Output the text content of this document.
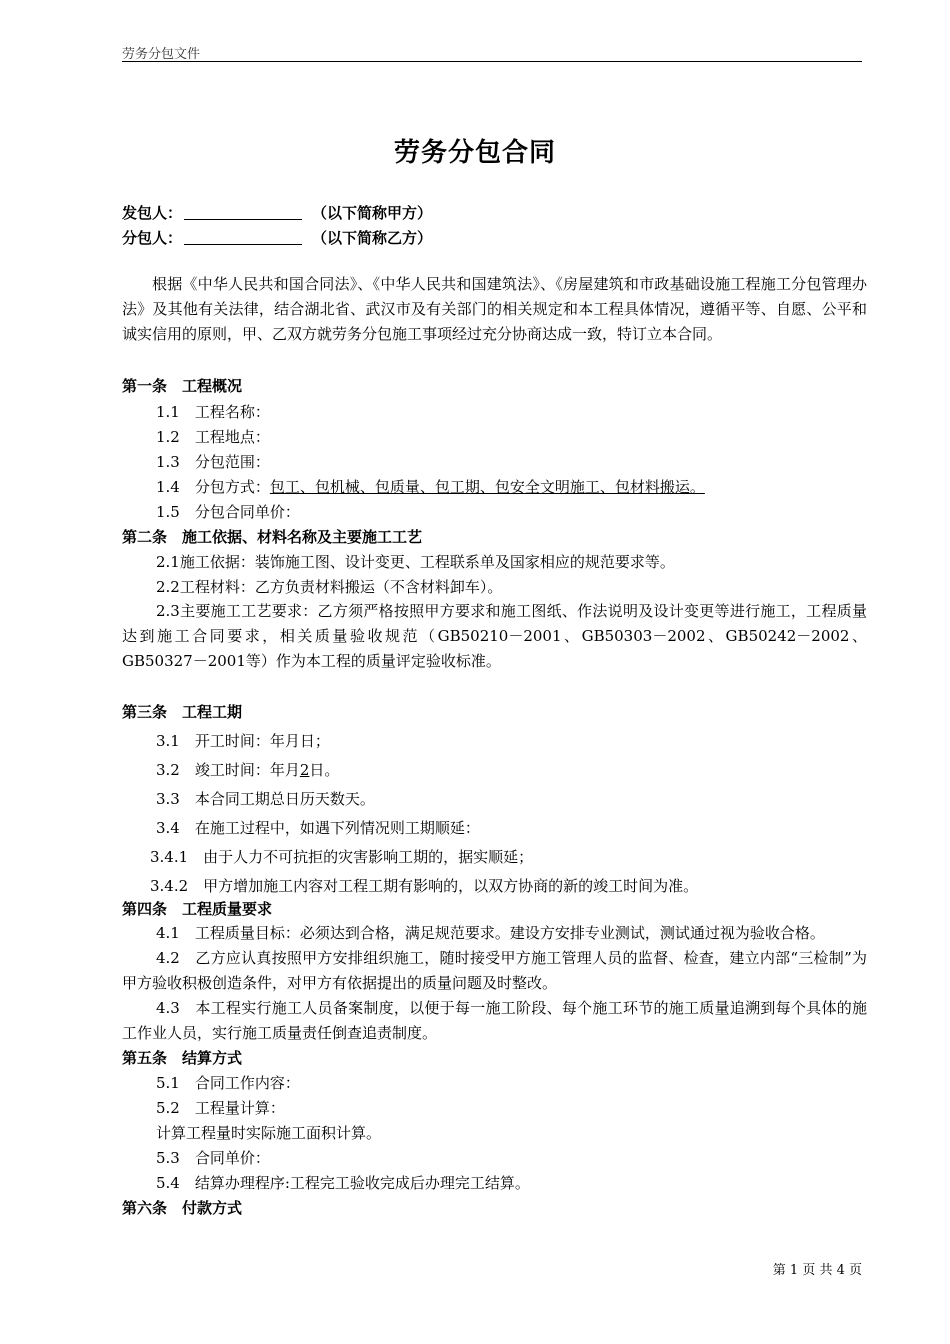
劳务分包文件
劳务分包合同
发包人：	（以下简称甲方）
分包人：	（以下简称乙方）

根据《中华人民共和国合同法》、《中华人民共和国建筑法》、《房屋建筑和市政基础设施工程施工分包管理办法》及其他有关法律，结合湖北省、武汉市及有关部门的相关规定和本工程具体情况，遵循平等、自愿、公平和诚实信用的原则，甲、乙双方就劳务分包施工事项经过充分协商达成一致，特订立本合同。

第一条　工程概况
1.1　工程名称：
1.2　工程地点：
1.3　分包范围：
1.4　分包方式：包工、包机械、包质量、包工期、包安全文明施工、包材料搬运。
1.5　分包合同单价：
第二条　施工依据、材料名称及主要施工工艺
2.1施工依据：装饰施工图、设计变更、工程联系单及国家相应的规范要求等。
2.2工程材料：乙方负责材料搬运（不含材料卸车）。

2.3主要施工工艺要求：乙方须严格按照甲方要求和施工图纸、作法说明及设计变更等进行施工，工程质量达到施工合同要求，相关质量验收规范（GB50210－2001、GB50303－2002、GB50242－2002、GB50327－2001等）作为本工程的质量评定验收标准。

第三条　工程工期
3.1　开工时间：年月日；
3.2　竣工时间：年月2日。
3.3　本合同工期总日历天数天。
3.4　在施工过程中，如遇下列情况则工期顺延：
3.4.1　由于人力不可抗拒的灾害影响工期的，据实顺延；
3.4.2　甲方增加施工内容对工程工期有影响的，以双方协商的新的竣工时间为准。
第四条　工程质量要求
4.1　工程质量目标：必须达到合格，满足规范要求。建设方安排专业测试，测试通过视为验收合格。

4.2　乙方应认真按照甲方安排组织施工，随时接受甲方施工管理人员的监督、检查，建立内部“三检制”为甲方验收积极创造条件，对甲方有依据提出的质量问题及时整改。

4.3　本工程实行施工人员备案制度，以便于每一施工阶段、每个施工环节的施工质量追溯到每个具体的施工作业人员，实行施工质量责任倒查追责制度。

第五条　结算方式
5.1　合同工作内容：
5.2　工程量计算：
计算工程量时实际施工面积计算。
5.3　合同单价：
5.4　结算办理程序:工程完工验收完成后办理完工结算。
第六条　付款方式
第 1 页 共 4 页
